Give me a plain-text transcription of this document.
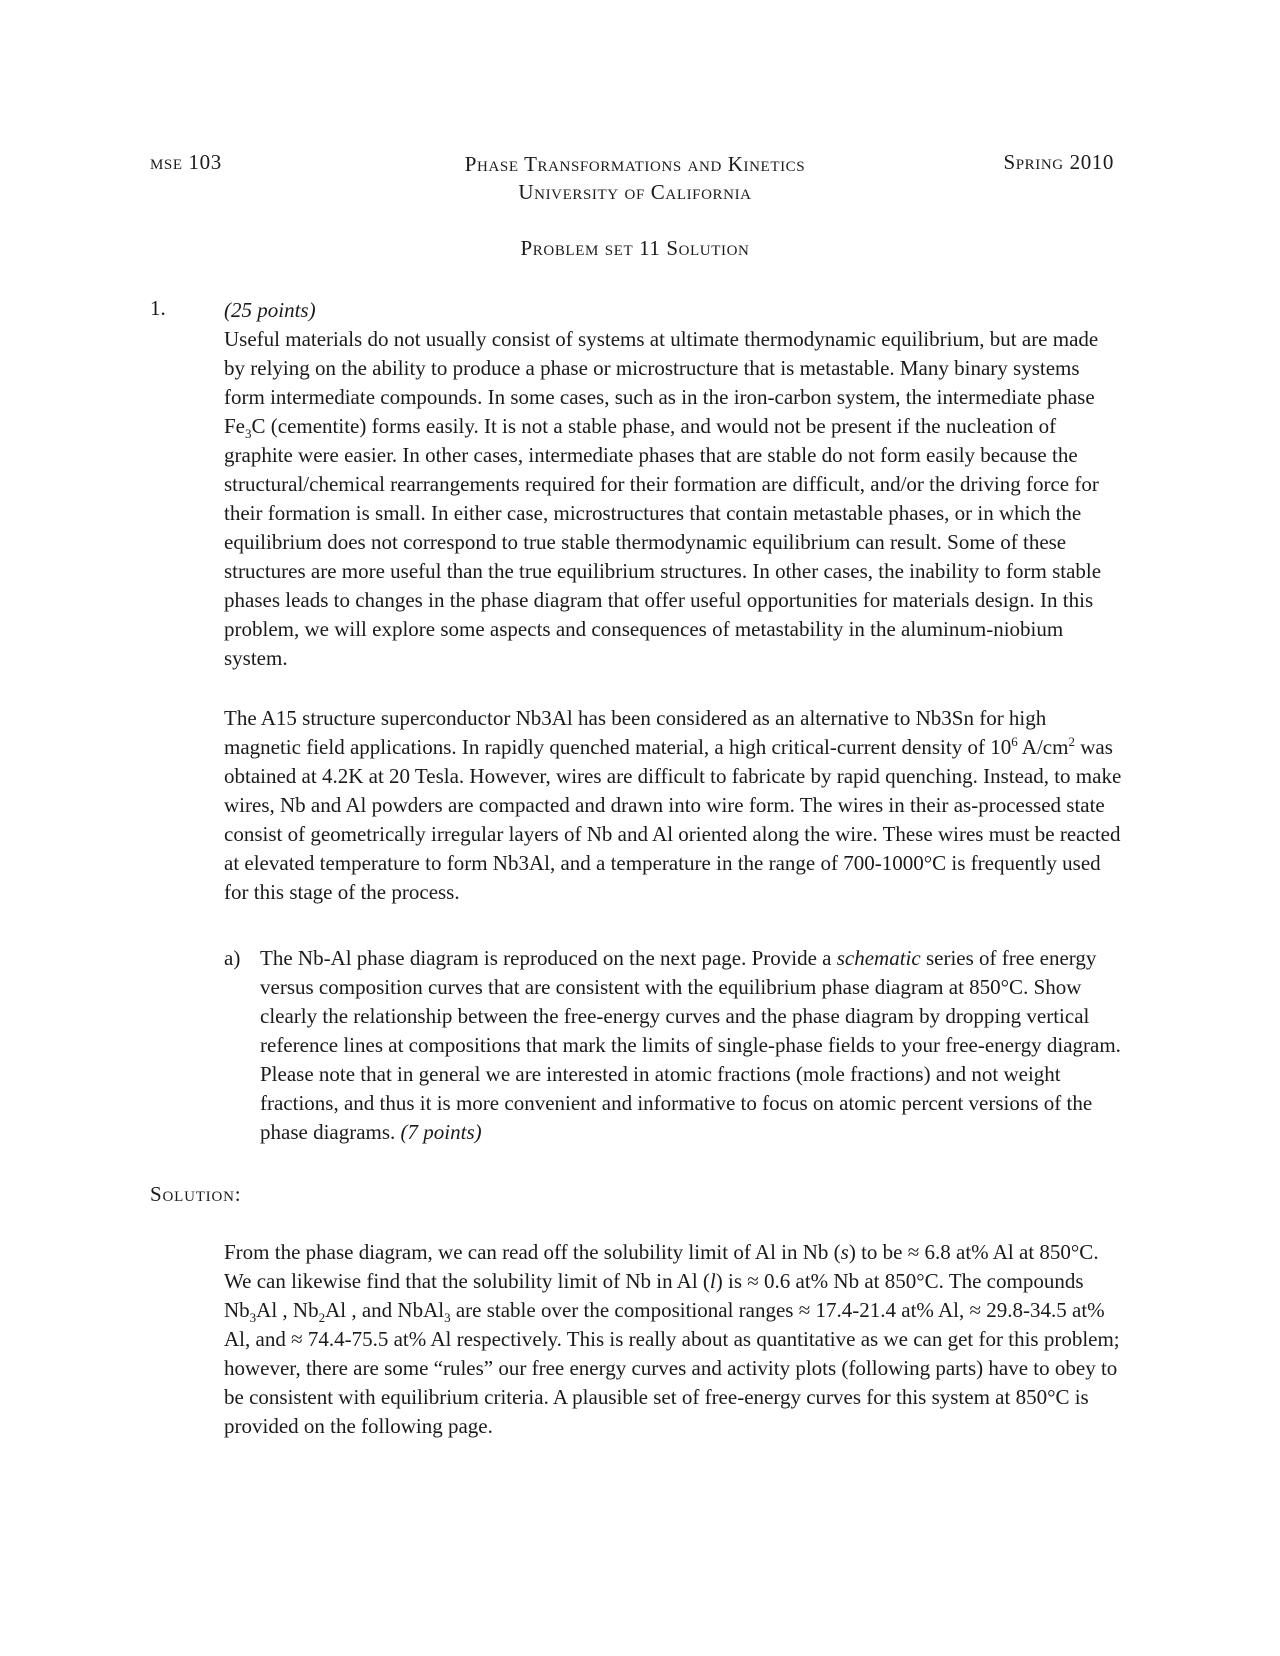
mse 103	Phase Transformations and Kinetics
University of California
Spring 2010
Problem set 11 Solution
1.	(25 points)
Useful materials do not usually consist of systems at ultimate thermodynamic equilibrium, but are made by relying on the ability to produce a phase or microstructure that is metastable. Many binary systems form intermediate compounds. In some cases, such as in the iron-carbon system, the intermediate phase $Fe_3C$ (cementite) forms easily. It is not a stable phase, and would not be present if the nucleation of graphite were easier. In other cases, intermediate phases that are stable do not form easily because the structural/chemical rearrangements required for their formation are difficult, and/or the driving force for their formation is small. In either case, microstructures that contain metastable phases, or in which the equilibrium does not correspond to true stable thermodynamic equilibrium can result. Some of these structures are more useful than the true equilibrium structures. In other cases, the inability to form stable phases leads to changes in the phase diagram that offer useful opportunities for materials design. In this problem, we will explore some aspects and consequences of metastability in the aluminum-niobium system.
The A15 structure superconductor Nb3Al has been considered as an alternative to Nb3Sn for high magnetic field applications. In rapidly quenched material, a high critical-current density of $10^6$ $A/cm^2$ was obtained at 4.2K at 20 Tesla. However, wires are difficult to fabricate by rapid quenching. Instead, to make wires, Nb and Al powders are compacted and drawn into wire form. The wires in their as-processed state consist of geometrically irregular layers of Nb and Al oriented along the wire. These wires must be reacted at elevated temperature to form Nb3Al, and a temperature in the range of 700-1000°C is frequently used for this stage of the process.
a) The Nb-Al phase diagram is reproduced on the next page. Provide a schematic series of free energy versus composition curves that are consistent with the equilibrium phase diagram at 850°C. Show clearly the relationship between the free-energy curves and the phase diagram by dropping vertical reference lines at compositions that mark the limits of single-phase fields to your free-energy diagram. Please note that in general we are interested in atomic fractions (mole fractions) and not weight fractions, and thus it is more convenient and informative to focus on atomic percent versions of the phase diagrams. (7 points)
Solution:
From the phase diagram, we can read off the solubility limit of Al in Nb (s) to be ≈ 6.8 at% Al at 850°C. We can likewise find that the solubility limit of Nb in Al (l) is ≈ 0.6 at% Nb at 850°C. The compounds $Nb_3Al$ , $Nb_2Al$ , and NbAl$_3$ are stable over the compositional ranges ≈ 17.4-21.4 at% Al, ≈ 29.8-34.5 at% Al, and ≈ 74.4-75.5 at% Al respectively. This is really about as quantitative as we can get for this problem; however, there are some “rules” our free energy curves and activity plots (following parts) have to obey to be consistent with equilibrium criteria. A plausible set of free-energy curves for this system at 850°C is provided on the following page.
